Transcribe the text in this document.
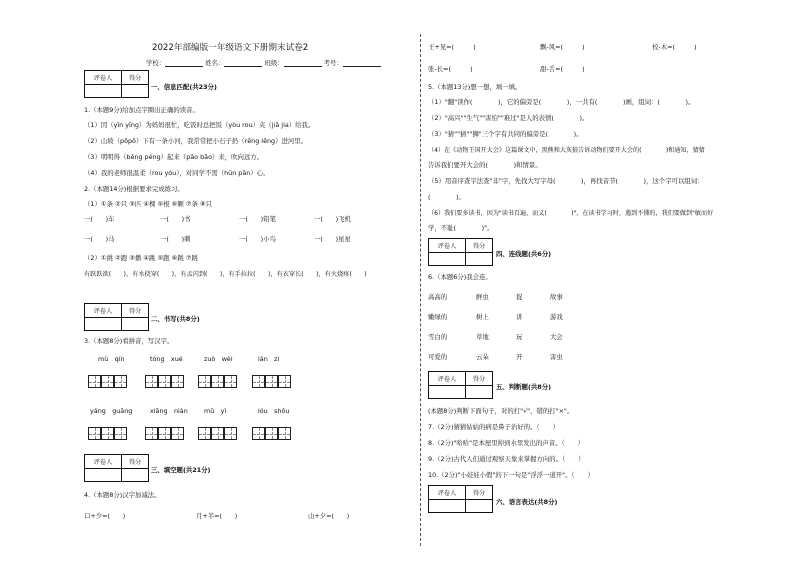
2022年部编版一年级语文下册期末试卷2
学校：	姓名：	班级：	考号：
评卷人	得分

一、信息匹配(共23分)
1.（本题9分)给加点字圈出正确的读音。
（1）因（yīn yīng）为妈妈很忙，吃饭时总把饭（yòu rou）夹（jiā jia）给我。
（2）山坡（pōpō）下有一条小河，我常常把小石子扔（rēng lēng）进河里。
（3）明明得（bēng péng）起来（pāo bāo）来，吹向远方。
（4）我的老师很温柔（rou yóu），对同学不需（hūn pān）心。
2.（本题14分)根据要求完成练习。
（1）①条 ②只 ③匹 ④棵 ⑤根 ⑥颗 ⑦条 ⑧只
一(　　)车	一(　　)书	一(　　)铅笔	一(　　)飞机
一(　　)马	一(　　)刺	一(　　)小鸟	一(　　)星星
（2）①挑 ②跑 ③播 ④跳 ⑤跑 ⑥跳 ⑦跳
有跃跃欲(　　)，有水挠穿(　　)，有孟闪到(　　)，有手拉拉(　　)，有衣穿长(　　)，有火烧疼(　　)
评卷人	得分

二、书写(共8分)
3.（本题8分)看拼音，写汉字。
mù　qín	tóng　xué	zuò　wèi	lán　zi
yáng　guāng	xiǎng　niàn	mǔ　yì	lóu　shǒu
评卷人	得分

三、填空题(共21分)
4.（本题8分)汉字加减法。
口+少=(　　)	月+半=(　　)	山+夕=(　　)
王+见=(　　　)	飘-风=(　　　)	校-木=(　　　)
张-长=(　　　)	甜-舌=(　　　)
5.（本题13分)想一想，填一填。
（1）"翻"读作(　　　　)，它的偏旁是(　　　　)，一共有(　　　　)画，组词：(　　　　)。
（2）"高兴""生气""害怕""难过"是人的表情(　　　　)。
（3）"猜""猜""狮"三个字有共同的偏旁是(　　　　)。
（4）在《动物王国开大会》这篇课文中，黑熊和大灰狼告诉动物们要开大会的(　　　　)和通知，猜猜
告诉我们要开大会的(　　　　)和情景。
（5）用音序查字法查"非"字，先找大写字母(　　　　)，再找音节(　　　　)，这个字可以组词：
(　　　　)。
（6）我们要多读书，因为"读书百遍，而义(　　　　)"，在读书学习时，遇到不懂的，我们要做到"敏而好
学，不耻(　　　　)"。
评卷人	得分

四、连线题(共6分)
6.（本题6分)我会连。
高高的	鲜虫	捉	故事
嫩绿的	树上	讲	游戏
雪白的	草地	玩	大会
可爱的	云朵	开	害虫
评卷人	得分

五、判断题(共8分)
(本题8分)判断下面句子，对的打"√"，错的打"×"。
7.（2分)猜猜姑姑的病是鼻子治好的。（　　）
8.（2分)"哈哈"是本屋里掉到水里发出的声音。（　　）
9.（2分)古代人们通过观察天象来掌握方向的。（　　）
10.（2分)"小娃娃小假"的下一句是"浮浮一道开"。（　　）
评卷人	得分

六、语言表达(共8分)
